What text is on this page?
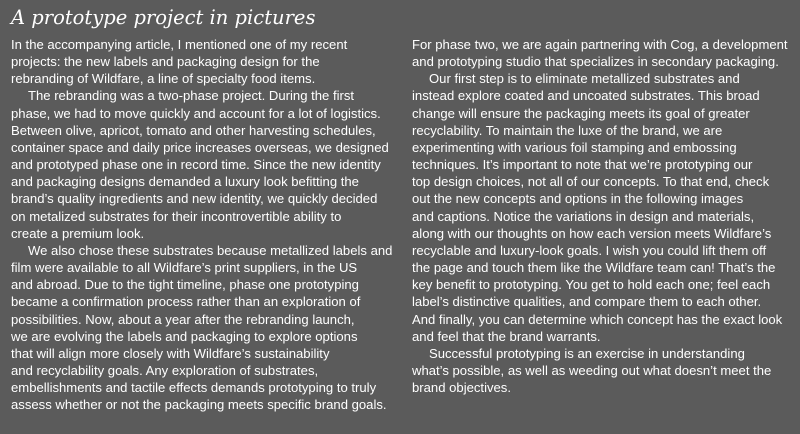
A prototype project in pictures
In the accompanying article, I mentioned one of my recent
projects: the new labels and packaging design for the
rebranding of Wildfare, a line of specialty food items.
The rebranding was a two-phase project. During the first
phase, we had to move quickly and account for a lot of logistics.
Between olive, apricot, tomato and other harvesting schedules,
container space and daily price increases overseas, we designed
and prototyped phase one in record time. Since the new identity
and packaging designs demanded a luxury look befitting the
brand’s quality ingredients and new identity, we quickly decided
on metalized substrates for their incontrovertible ability to
create a premium look.
We also chose these substrates because metallized labels and
film were available to all Wildfare’s print suppliers, in the US
and abroad. Due to the tight timeline, phase one prototyping
became a confirmation process rather than an exploration of
possibilities. Now, about a year after the rebranding launch,
we are evolving the labels and packaging to explore options
that will align more closely with Wildfare’s sustainability
and recyclability goals. Any exploration of substrates,
embellishments and tactile effects demands prototyping to truly
assess whether or not the packaging meets specific brand goals.
For phase two, we are again partnering with Cog, a development
and prototyping studio that specializes in secondary packaging.
Our first step is to eliminate metallized substrates and
instead explore coated and uncoated substrates. This broad
change will ensure the packaging meets its goal of greater
recyclability. To maintain the luxe of the brand, we are
experimenting with various foil stamping and embossing
techniques. It’s important to note that we’re prototyping our
top design choices, not all of our concepts. To that end, check
out the new concepts and options in the following images
and captions. Notice the variations in design and materials,
along with our thoughts on how each version meets Wildfare’s
recyclable and luxury-look goals. I wish you could lift them off
the page and touch them like the Wildfare team can! That’s the
key benefit to prototyping. You get to hold each one; feel each
label’s distinctive qualities, and compare them to each other.
And finally, you can determine which concept has the exact look
and feel that the brand warrants.
Successful prototyping is an exercise in understanding
what’s possible, as well as weeding out what doesn’t meet the
brand objectives.
